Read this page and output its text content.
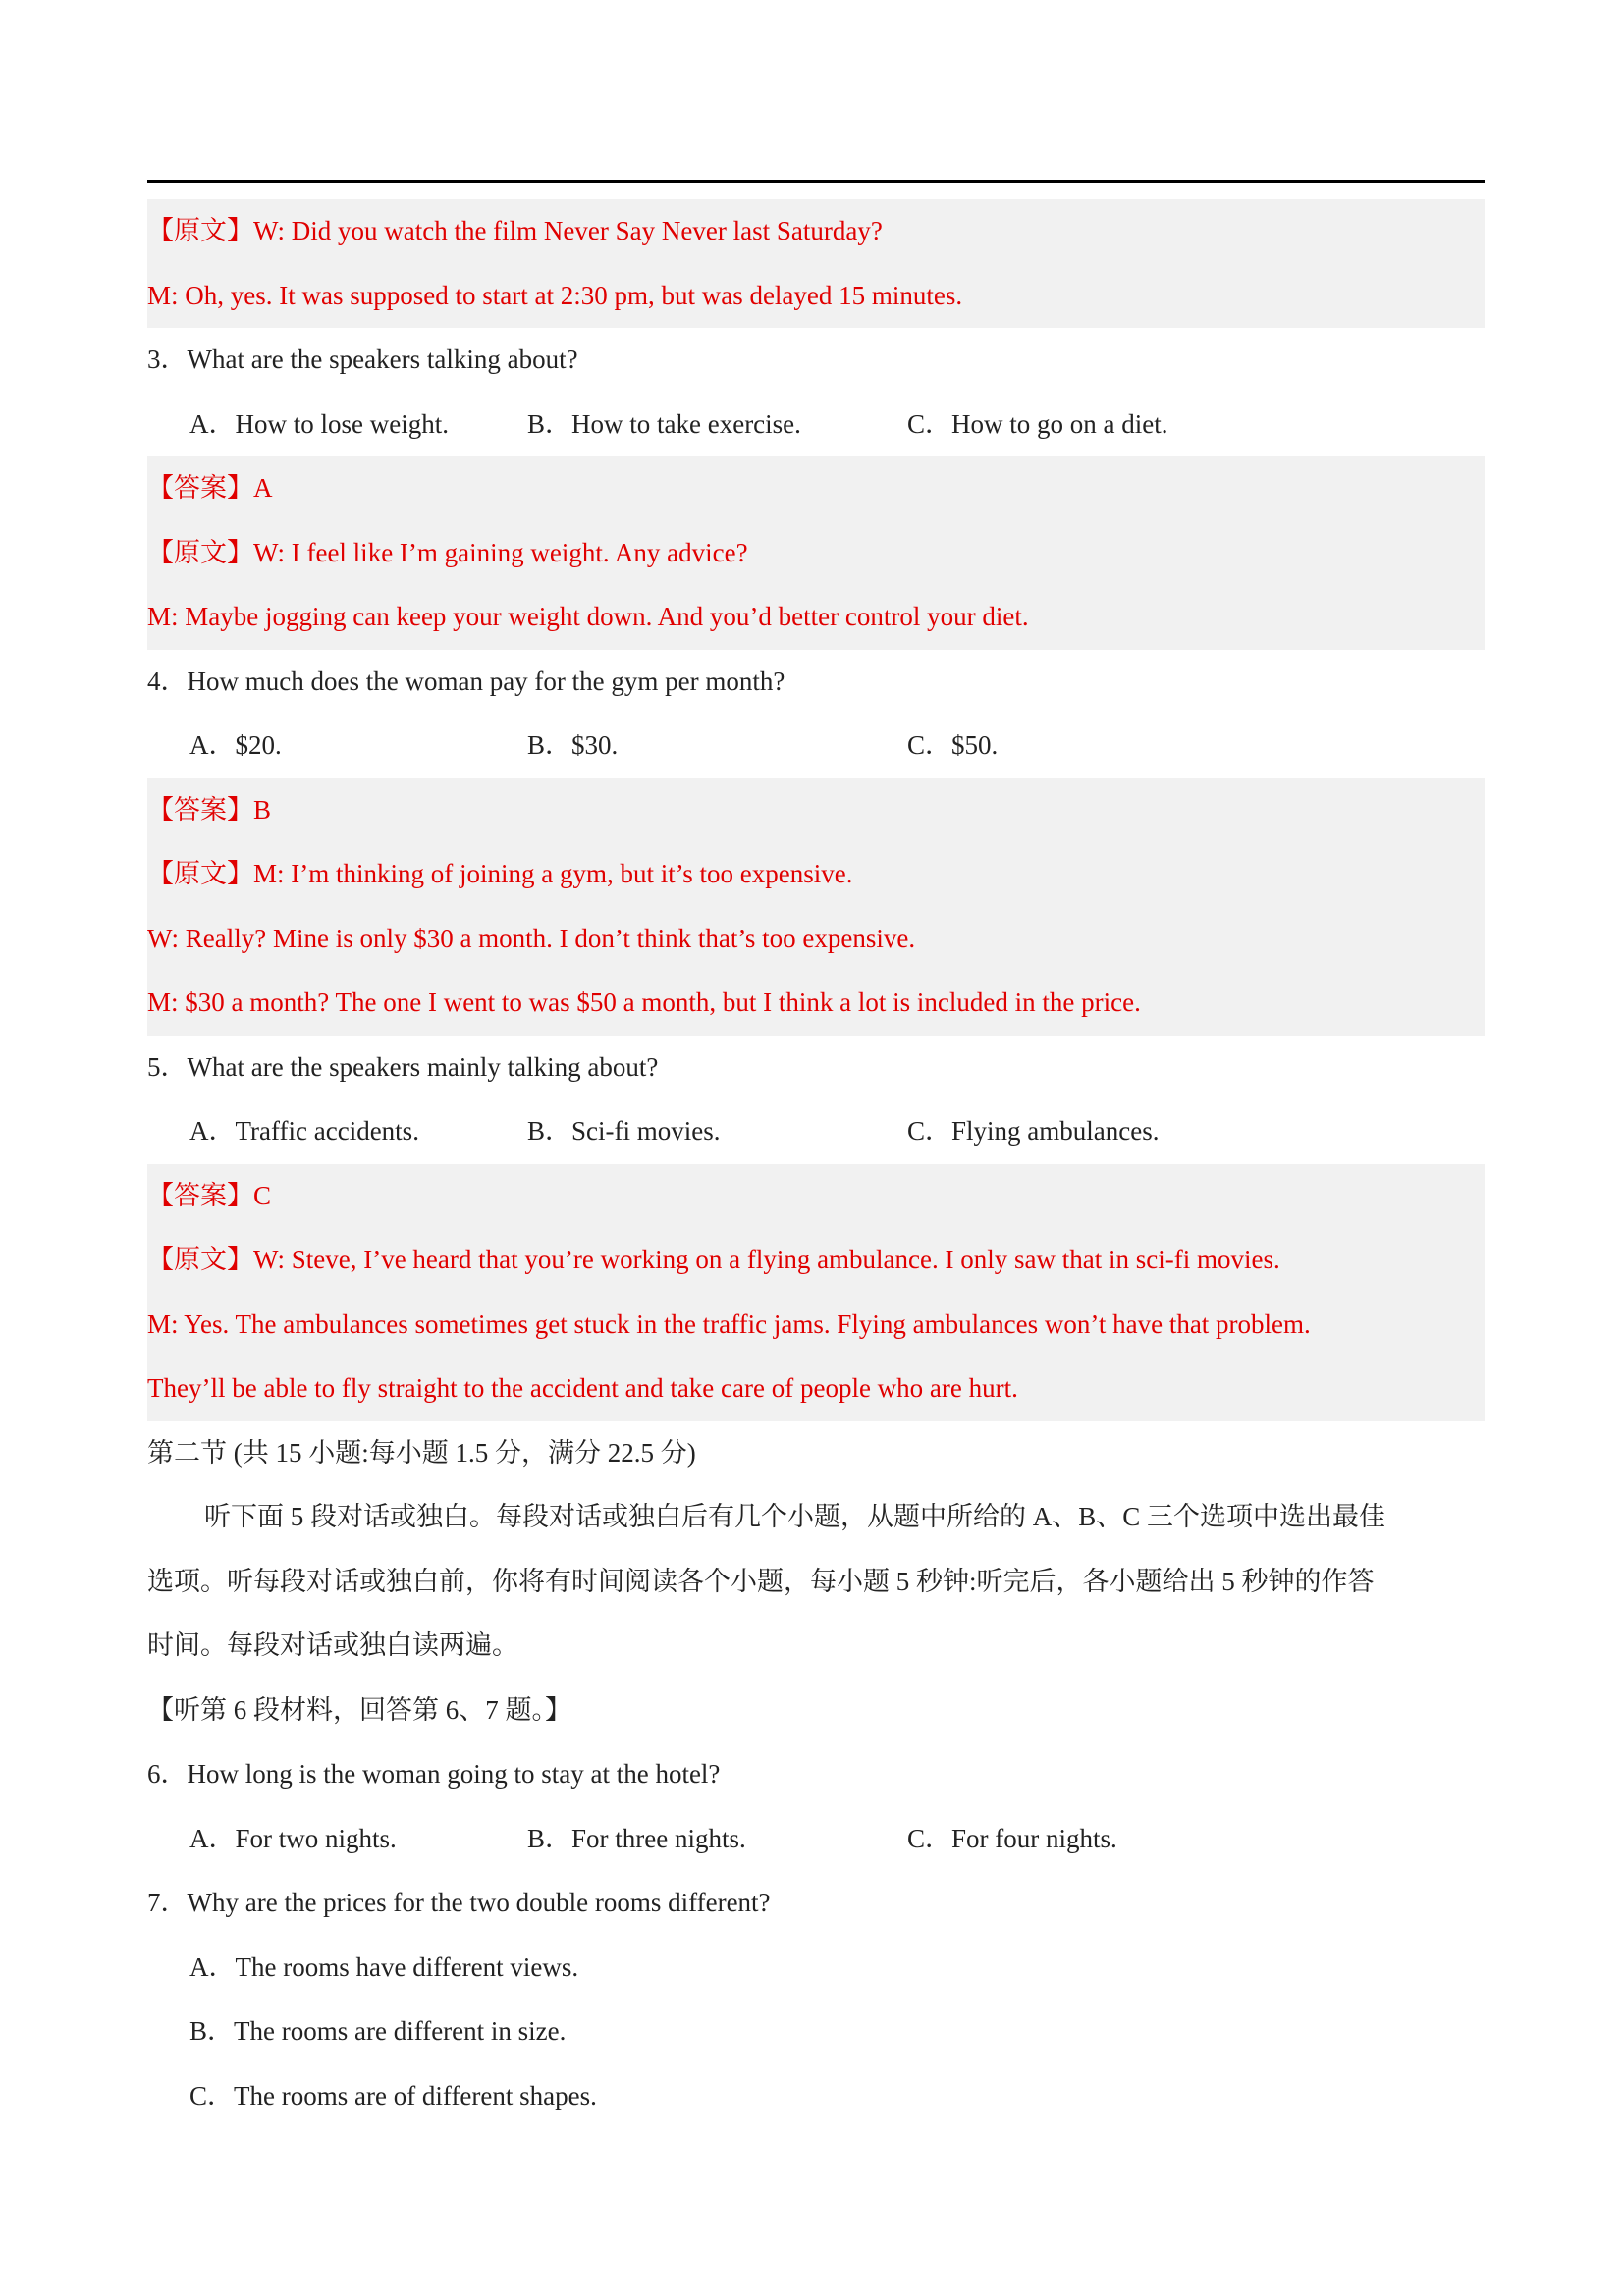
【原文】W: Did you watch the film Never Say Never last Saturday?
M: Oh, yes. It was supposed to start at 2:30 pm, but was delayed 15 minutes.
3．What are the speakers talking about?
A．How to lose weight.	B．How to take exercise.	C．How to go on a diet.
【答案】A
【原文】W: I feel like I’m gaining weight. Any advice?
M: Maybe jogging can keep your weight down. And you’d better control your diet.
4．How much does the woman pay for the gym per month?
A．$20.	B．$30.	C．$50.
【答案】B
【原文】M: I’m thinking of joining a gym, but it’s too expensive.
W: Really? Mine is only $30 a month. I don’t think that’s too expensive.
M: $30 a month? The one I went to was $50 a month, but I think a lot is included in the price.
5．What are the speakers mainly talking about?
A．Traffic accidents.	B．Sci-fi movies.	C．Flying ambulances.
【答案】C
【原文】W: Steve, I’ve heard that you’re working on a flying ambulance. I only saw that in sci-fi movies.
M: Yes. The ambulances sometimes get stuck in the traffic jams. Flying ambulances won’t have that problem.
They’ll be able to fly straight to the accident and take care of people who are hurt.
第二节 (共 15 小题:每小题 1.5 分，满分 22.5 分)
听下面 5 段对话或独白。每段对话或独白后有几个小题，从题中所给的 A、B、C 三个选项中选出最佳
选项。听每段对话或独白前，你将有时间阅读各个小题，每小题 5 秒钟:听完后，各小题给出 5 秒钟的作答
时间。每段对话或独白读两遍。
【听第 6 段材料，回答第 6、7 题。】
6．How long is the woman going to stay at the hotel?
A．For two nights.	B．For three nights.	C．For four nights.
7．Why are the prices for the two double rooms different?
A．The rooms have different views.
B．The rooms are different in size.
C．The rooms are of different shapes.
